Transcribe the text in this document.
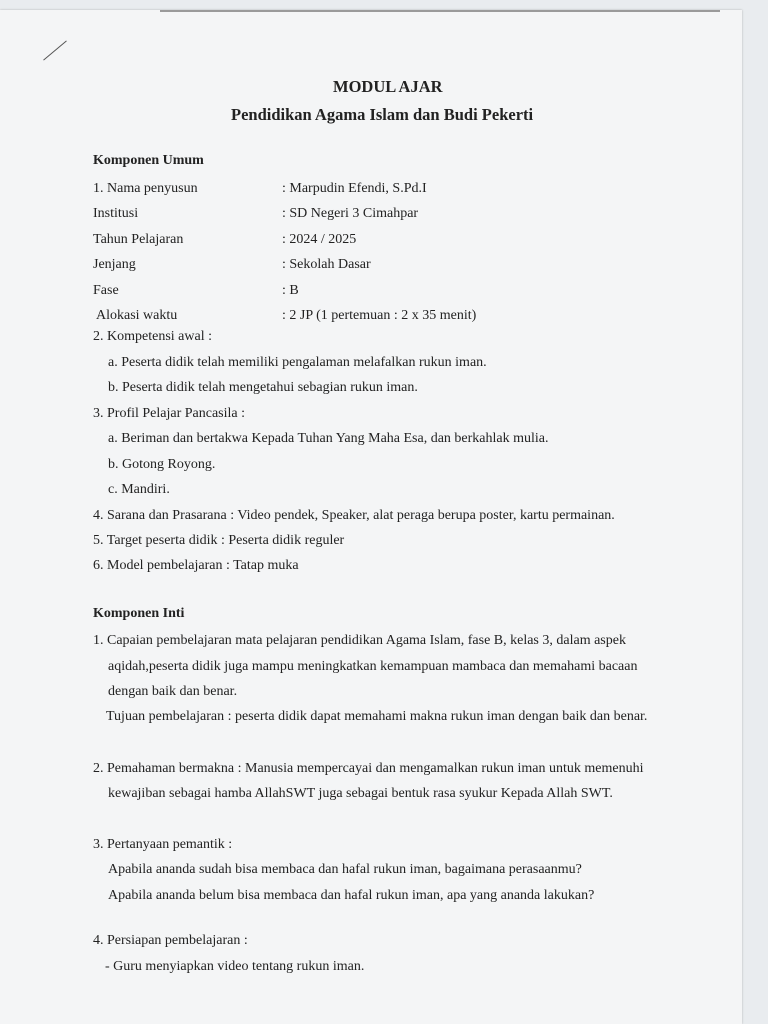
MODUL AJAR
Pendidikan Agama Islam dan Budi Pekerti
Komponen Umum
1. Nama penyusun	: Marpudin Efendi, S.Pd.I
Institusi	: SD Negeri 3 Cimahpar
Tahun Pelajaran	: 2024 / 2025
Jenjang	: Sekolah Dasar
Fase	: B
Alokasi waktu	: 2 JP (1 pertemuan : 2 x 35 menit)
2. Kompetensi awal :
a. Peserta didik telah memiliki pengalaman melafalkan rukun iman.
b. Peserta didik telah mengetahui sebagian rukun iman.
3. Profil Pelajar Pancasila :
a. Beriman dan bertakwa Kepada Tuhan Yang Maha Esa, dan berkahlak mulia.
b. Gotong Royong.
c. Mandiri.
4. Sarana dan Prasarana : Video pendek, Speaker, alat peraga berupa poster, kartu permainan.
5. Target peserta didik : Peserta didik reguler
6. Model pembelajaran : Tatap muka
Komponen Inti
1. Capaian pembelajaran mata pelajaran pendidikan Agama Islam, fase B, kelas 3, dalam aspek
aqidah,peserta didik juga mampu meningkatkan kemampuan mambaca dan memahami bacaan
dengan baik dan benar.
Tujuan pembelajaran : peserta didik dapat memahami makna rukun iman dengan baik dan benar.
2. Pemahaman bermakna : Manusia mempercayai dan mengamalkan rukun iman untuk memenuhi
kewajiban sebagai hamba AllahSWT juga sebagai bentuk rasa syukur Kepada Allah SWT.
3. Pertanyaan pemantik :
Apabila ananda sudah bisa membaca dan hafal rukun iman, bagaimana perasaanmu?
Apabila ananda belum bisa membaca dan hafal rukun iman, apa yang ananda lakukan?
4. Persiapan pembelajaran :
- Guru menyiapkan video tentang rukun iman.
